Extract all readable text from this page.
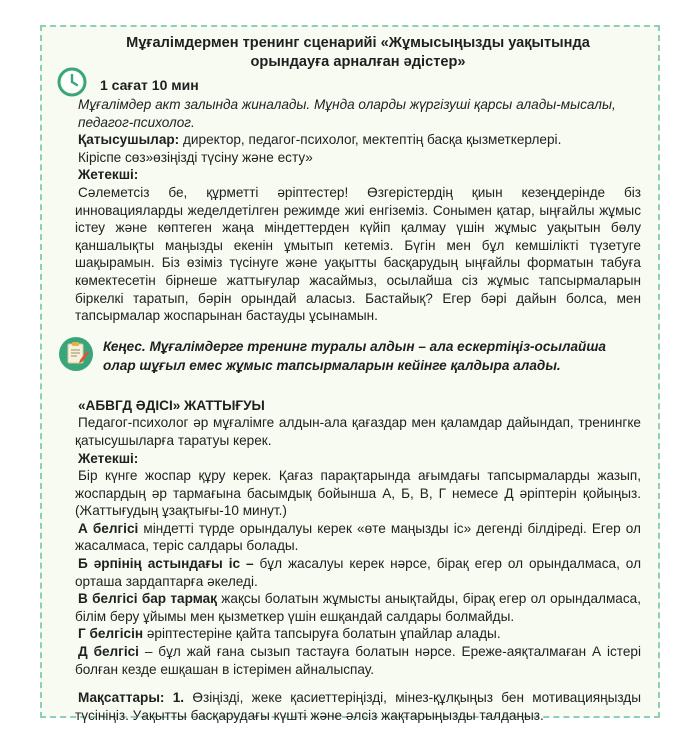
Мұғалімдермен тренинг сценарийі «Жұмысыңызды уақытында орындауға арналған әдістер»

1 сағат 10 мин

Мұғалімдер акт залында жиналады. Мұнда оларды жүргізуші қарсы алады-мысалы, педагог-психолог.

Қатысушылар: директор, педагог-психолог, мектептің басқа қызметкерлері.

Кіріспе сөз»өзіңізді түсіну және есту»

Жетекші:

Сәлеметсіз бе, құрметті әріптестер! Өзгерістердің қиын кезеңдерінде біз инновацияларды жеделдетілген режимде жиі енгіземіз. Сонымен қатар, ыңғайлы жұмыс істеу және көптеген жаңа міндеттерден күйіп қалмау үшін жұмыс уақытын бөлу қаншалықты маңызды екенін ұмытып кетеміз. Бүгін мен бұл кемшілікті түзетуге шақырамын. Біз өзіміз түсінуге және уақытты басқарудың ыңғайлы форматын табуға көмектесетін бірнеше жаттығулар жасаймыз, осылайша сіз жұмыс тапсырмаларын біркелкі таратып, бәрін орындай аласыз. Бастайық? Егер бәрі дайын болса, мен тапсырмалар жоспарынан бастауды ұсынамын.

Кеңес. Мұғалімдерге тренинг туралы алдын – ала ескертіңіз-осылайша олар шұғыл емес жұмыс тапсырмаларын кейінге қалдыра алады.

«АБВГД ӘДІСІ» ЖАТТЫҒУЫ

Педагог-психолог әр мұғалімге алдын-ала қағаздар мен қаламдар дайындап, тренингке қатысушыларға таратуы керек.

Жетекші:

Бір күнге жоспар құру керек. Қағаз парақтарында ағымдағы тапсырмаларды жазып, жоспардың әр тармағына басымдық бойынша А, Б, В, Г немесе Д әріптерін қойыңыз. (Жаттығудың ұзақтығы-10 минут.)

А белгісі міндетті түрде орындалуы керек «өте маңызды іс» дегенді білдіреді. Егер ол жасалмаса, теріс салдары болады.

Б әрпінің астындағы іс – бұл жасалуы керек нәрсе, бірақ егер ол орындалмаса, ол орташа зардаптарға әкеледі.

В белгісі бар тармақ жақсы болатын жұмысты анықтайды, бірақ егер ол орындалмаса, білім беру ұйымы мен қызметкер үшін ешқандай салдары болмайды.

Г белгісін әріптестеріне қайта тапсыруға болатын ұпайлар алады.

Д белгісі – бұл жай ғана сызып тастауға болатын нәрсе. Ереже-аяқталмаған А істері болған кезде ешқашан в істерімен айналыспау.

Мақсаттары: 1. Өзіңізді, жеке қасиеттеріңізді, мінез-құлқыңыз бен мотивацияңызды түсініңіз. Уақытты басқарудағы күшті және әлсіз жақтарыңызды талдаңыз.
